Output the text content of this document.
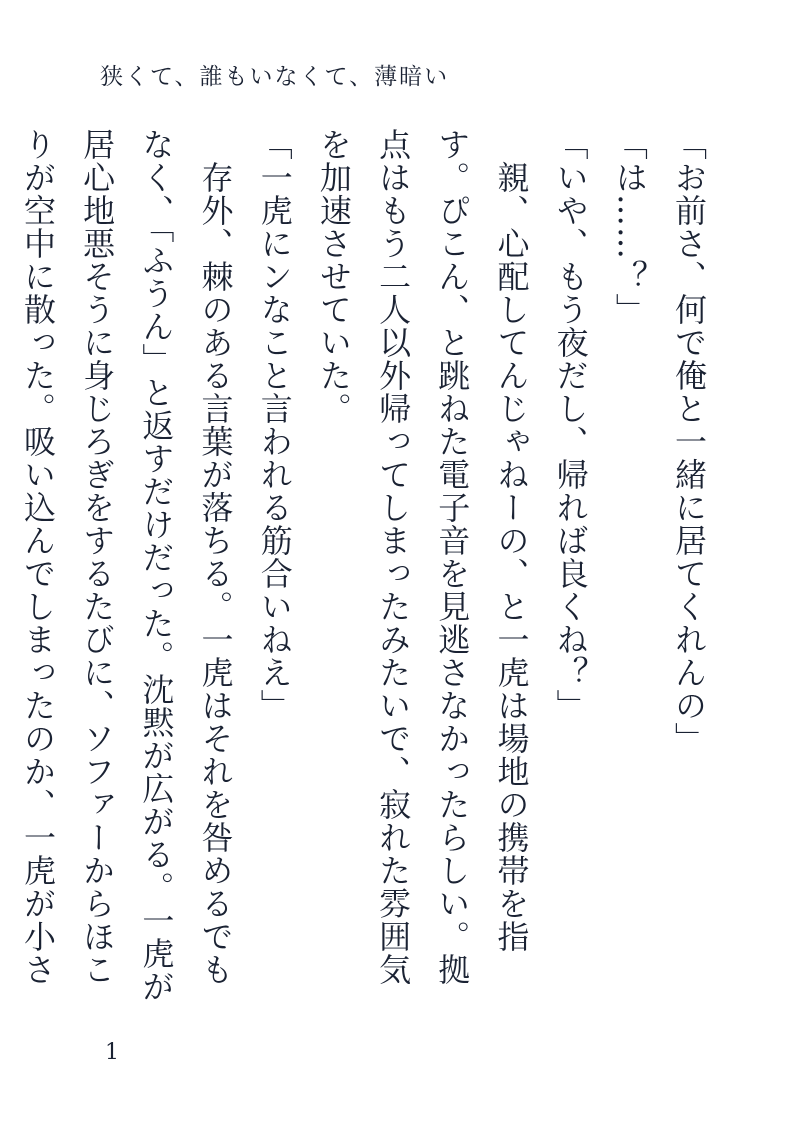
狭くて、誰もいなくて、薄暗い

「お前さ、何で俺と一緒に居てくれんの」

「は……？」

「いや、もう夜だし、帰れば良くね？」

　親、心配してんじゃねーの、と一虎は場地の携帯を指す。ぴこん、と跳ねた電子音を見逃さなかったらしい。拠点はもう二人以外帰ってしまったみたいで、寂れた雰囲気を加速させていた。

「一虎にンなこと言われる筋合いねえ」

　存外、棘のある言葉が落ちる。一虎はそれを咎めるでもなく、「ふうん」と返すだけだった。沈黙が広がる。一虎が居心地悪そうに身じろぎをするたびに、ソファーからほこりが空中に散った。吸い込んでしまったのか、一虎が小さ

1
